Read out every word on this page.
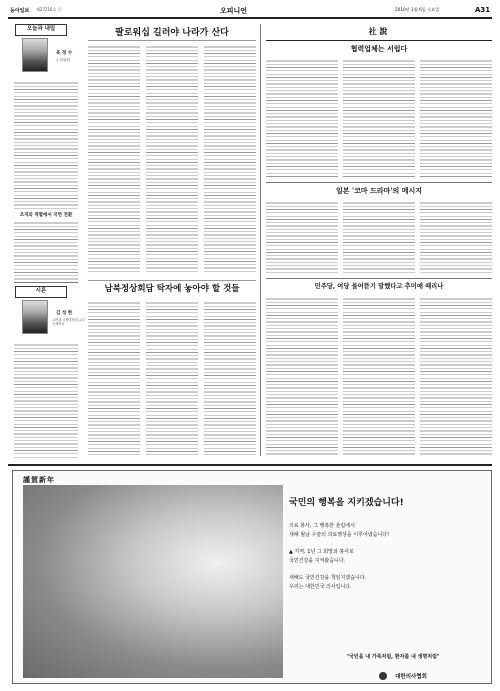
동아일보 제27216호 ⓔ	오피니언	2010년 1월 6일 수요일	A31
오늘과 내일
육 정 수
논설위원
조직의 역할에서 국면 전환
시론
김 성 한
고려대 국제대학원 교수 국제정치
팔로워십 길러야 나라가 산다
남북정상회담 탁자에 놓아야 할 것들
社 說
협력업체는 서럽다
일본 '코마 드라마'의 메시지
민주당, 여당 물어뜯기 말했다고 추미애 때리나
謹賀新年
국민의 행복을 지키겠습니다!
의료 봉사, 그 행복한 울림에서
새해 월남 수술의 의료행상을 이루어냈습니다!
▲ 지역, 1년 그 희망과 봉사로
국민건강을 지켜왔습니다.
새해도 국민건강을 책임지겠습니다.
우리는 대한민국 의사입니다.
"국민을 내 가족처럼, 환자를 내 생명처럼"
대한의사협회
